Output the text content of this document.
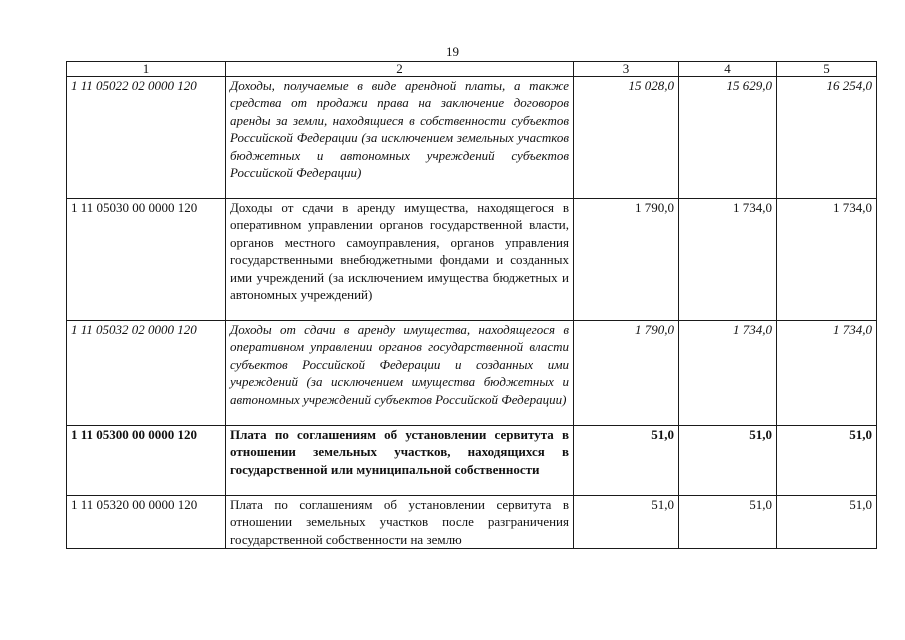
19
1	2	3	4	5
1 11 05022 02 0000 120	Доходы, получаемые в виде арендной платы, а также средства от продажи права на заключение договоров аренды за земли, находящиеся в собственности субъектов Российской Федерации (за исключением земельных участков бюджетных и автономных учреждений субъектов Российской Федерации)	15 028,0	15 629,0	16 254,0
1 11 05030 00 0000 120	Доходы от сдачи в аренду имущества, находящегося в оперативном управлении органов государственной власти, органов местного самоуправления, органов управления государственными внебюджетными фондами и созданных ими учреждений (за исключением имущества бюджетных и автономных учреждений)	1 790,0	1 734,0	1 734,0
1 11 05032 02 0000 120	Доходы от сдачи в аренду имущества, находящегося в оперативном управлении органов государственной власти субъектов Российской Федерации и созданных ими учреждений (за исключением имущества бюджетных и автономных учреждений субъектов Российской Федерации)	1 790,0	1 734,0	1 734,0
1 11 05300 00 0000 120	Плата по соглашениям об установлении сервитута в отношении земельных участков, находящихся в государственной или муниципальной собственности	51,0	51,0	51,0
1 11 05320 00 0000 120	Плата по соглашениям об установлении сервитута в отношении земельных участков после разграничения государственной собственности на землю	51,0	51,0	51,0
